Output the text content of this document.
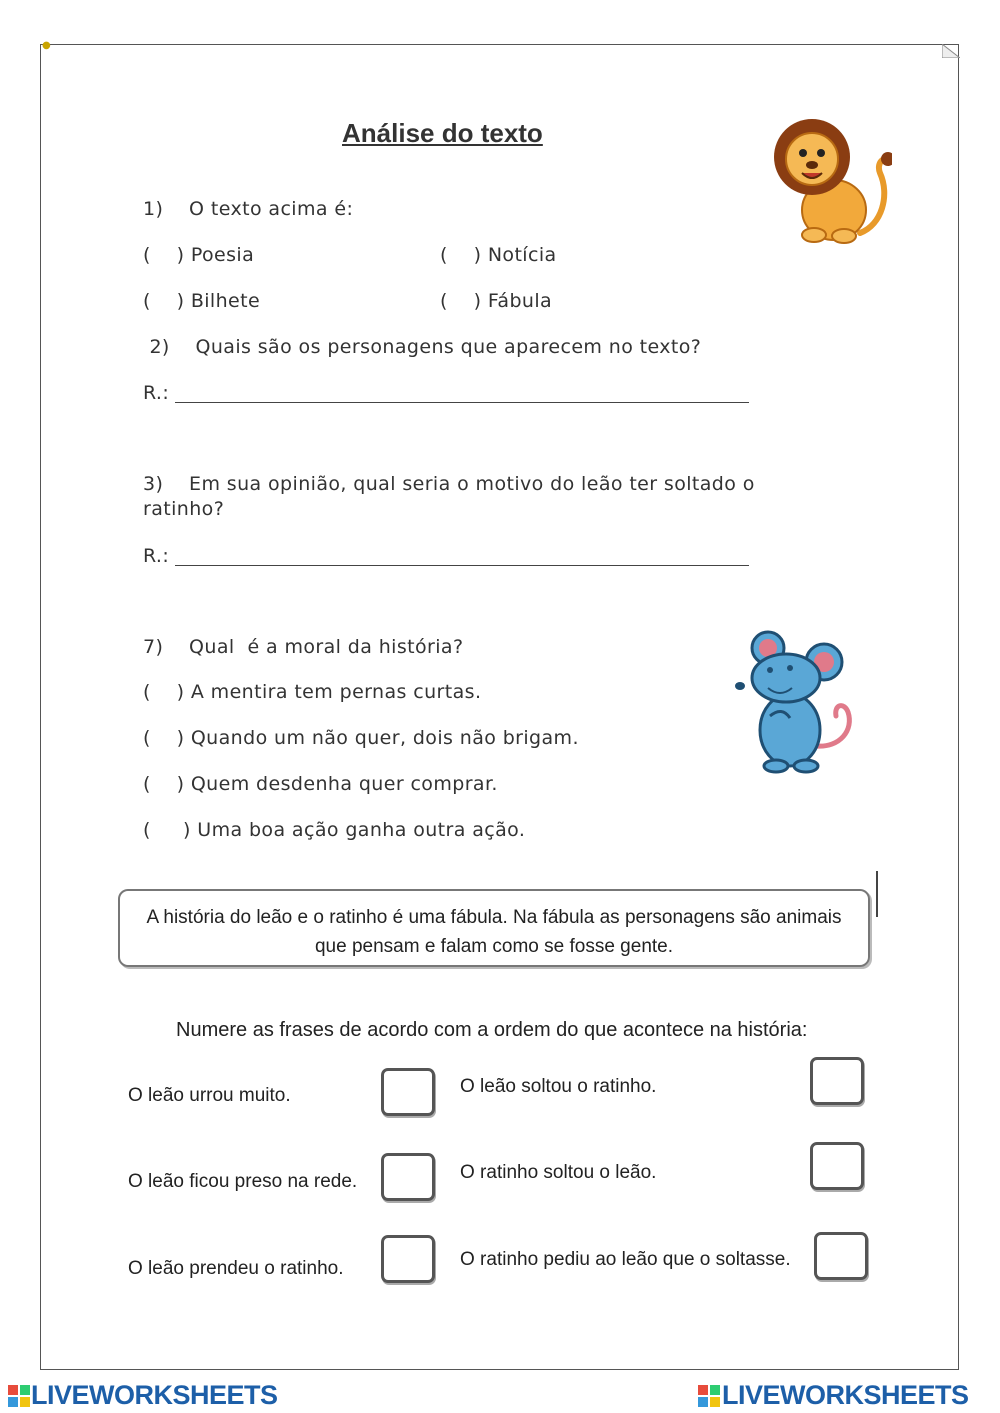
●
Análise do texto
1)    O texto acima é:
(    ) Poesia	(    ) Notícia
(    ) Bilhete	(    ) Fábula
2)    Quais são os personagens que aparecem no texto?
R.:
3)    Em sua opinião, qual seria o motivo do leão ter soltado o
ratinho?
R.:
7)    Qual  é a moral da história?
(    ) A mentira tem pernas curtas.
(    ) Quando um não quer, dois não brigam.
(    ) Quem desdenha quer comprar.
(     ) Uma boa ação ganha outra ação.
A história do leão e o ratinho é uma fábula. Na fábula as personagens são animais
que pensam e falam como se fosse gente.
Numere as frases de acordo com a ordem do que acontece na história:
O leão urrou muito.	O leão soltou o ratinho.
O leão ficou preso na rede.	O ratinho soltou o leão.
O leão prendeu o ratinho.	O ratinho pediu ao leão que o soltasse.
LIVEWORKSHEETS	LIVEWORKSHEETS
